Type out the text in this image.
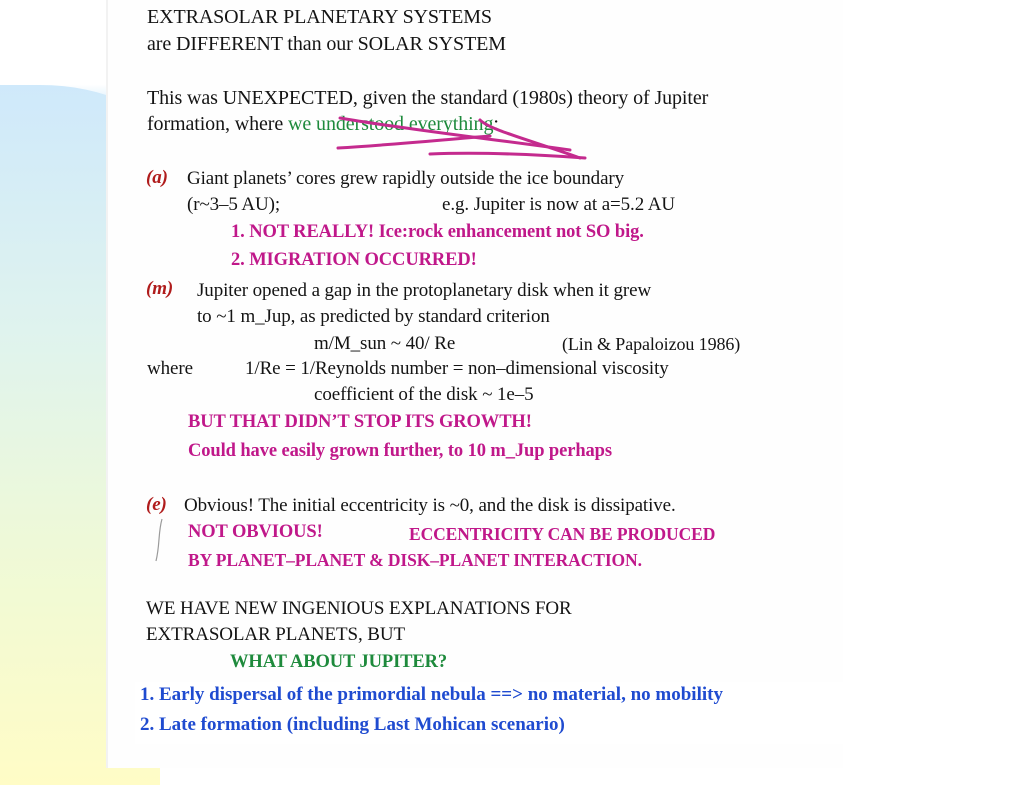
EXTRASOLAR PLANETARY SYSTEMS
are DIFFERENT than our SOLAR SYSTEM
This was UNEXPECTED, given the standard (1980s) theory of Jupiter
formation, where we understood everything:
(a) Giant planets’ cores grew rapidly outside the ice boundary
(r~3–5 AU);	e.g. Jupiter is now at a=5.2 AU
1. NOT REALLY! Ice:rock enhancement not SO big.
2. MIGRATION OCCURRED!
(m) Jupiter opened a gap in the protoplanetary disk when it grew
to ~1 m_Jup, as predicted by standard criterion
m/M_sun ~ 40/ Re	(Lin & Papaloizou 1986)
where	1/Re = 1/Reynolds number = non–dimensional viscosity
coefficient of the disk ~ 1e–5
BUT THAT DIDN’T STOP ITS GROWTH!
Could have easily grown further, to 10 m_Jup perhaps
(e) Obvious! The initial eccentricity is ~0, and the disk is dissipative.
NOT OBVIOUS!	ECCENTRICITY CAN BE PRODUCED
BY PLANET–PLANET & DISK–PLANET INTERACTION.
WE HAVE NEW INGENIOUS EXPLANATIONS FOR
EXTRASOLAR PLANETS, BUT
WHAT ABOUT JUPITER?
1. Early dispersal of the primordial nebula ==> no material, no mobility
2. Late formation (including Last Mohican scenario)
